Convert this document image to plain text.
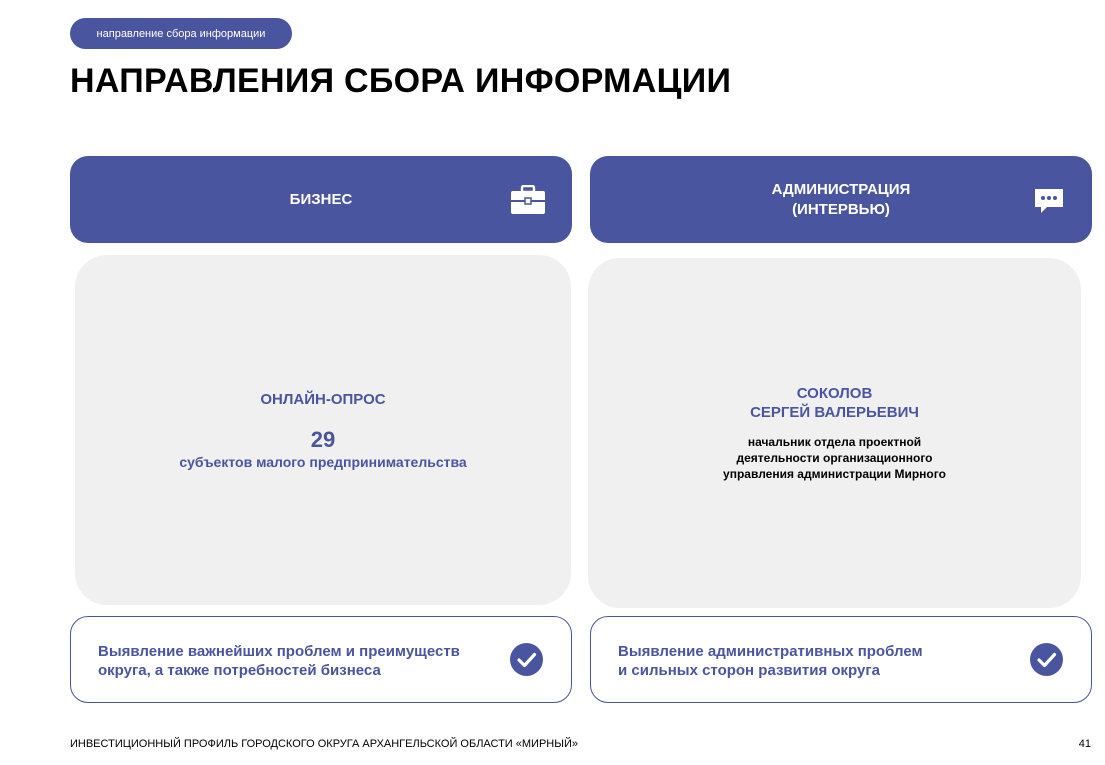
направление сбора информации
НАПРАВЛЕНИЯ СБОРА ИНФОРМАЦИИ
БИЗНЕС
ОНЛАЙН-ОПРОС
29
субъектов малого предпринимательства
Выявление важнейших проблем и преимуществ округа, а также потребностей бизнеса
АДМИНИСТРАЦИЯ
(ИНТЕРВЬЮ)
СОКОЛОВ
СЕРГЕЙ ВАЛЕРЬЕВИЧ
начальник отдела проектной
деятельности организационного
управления администрации Мирного
Выявление административных проблем
и сильных сторон развития округа
ИНВЕСТИЦИОННЫЙ ПРОФИЛЬ ГОРОДСКОГО ОКРУГА АРХАНГЕЛЬСКОЙ ОБЛАСТИ «МИРНЫЙ»	41
